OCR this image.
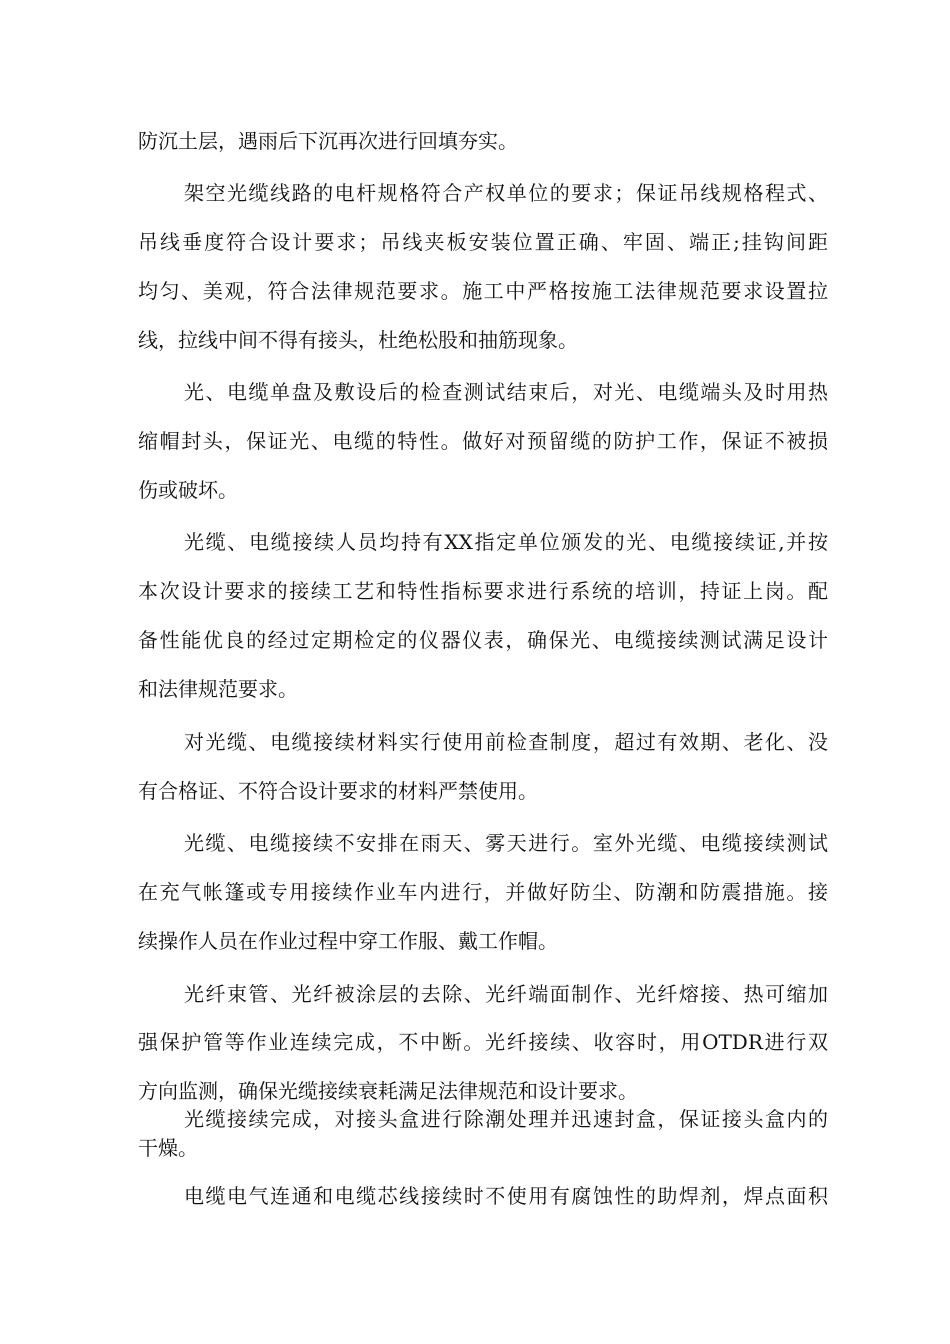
防沉土层，遇雨后下沉再次进行回填夯实。
架空光缆线路的电杆规格符合产权单位的要求；保证吊线规格程式、
吊线垂度符合设计要求；吊线夹板安装位置正确、牢固、端正;挂钩间距
均匀、美观，符合法律规范要求。施工中严格按施工法律规范要求设置拉
线，拉线中间不得有接头，杜绝松股和抽筋现象。
光、电缆单盘及敷设后的检查测试结束后，对光、电缆端头及时用热
缩帽封头，保证光、电缆的特性。做好对预留缆的防护工作，保证不被损
伤或破坏。
光缆、电缆接续人员均持有XX指定单位颁发的光、电缆接续证,并按
本次设计要求的接续工艺和特性指标要求进行系统的培训，持证上岗。配
备性能优良的经过定期检定的仪器仪表，确保光、电缆接续测试满足设计
和法律规范要求。
对光缆、电缆接续材料实行使用前检查制度，超过有效期、老化、没
有合格证、不符合设计要求的材料严禁使用。
光缆、电缆接续不安排在雨天、雾天进行。室外光缆、电缆接续测试
在充气帐篷或专用接续作业车内进行，并做好防尘、防潮和防震措施。接
续操作人员在作业过程中穿工作服、戴工作帽。
光纤束管、光纤被涂层的去除、光纤端面制作、光纤熔接、热可缩加
强保护管等作业连续完成，不中断。光纤接续、收容时，用OTDR进行双
方向监测，确保光缆接续衰耗满足法律规范和设计要求。
光缆接续完成，对接头盒进行除潮处理并迅速封盒，保证接头盒内的
干燥。
电缆电气连通和电缆芯线接续时不使用有腐蚀性的助焊剂，焊点面积
